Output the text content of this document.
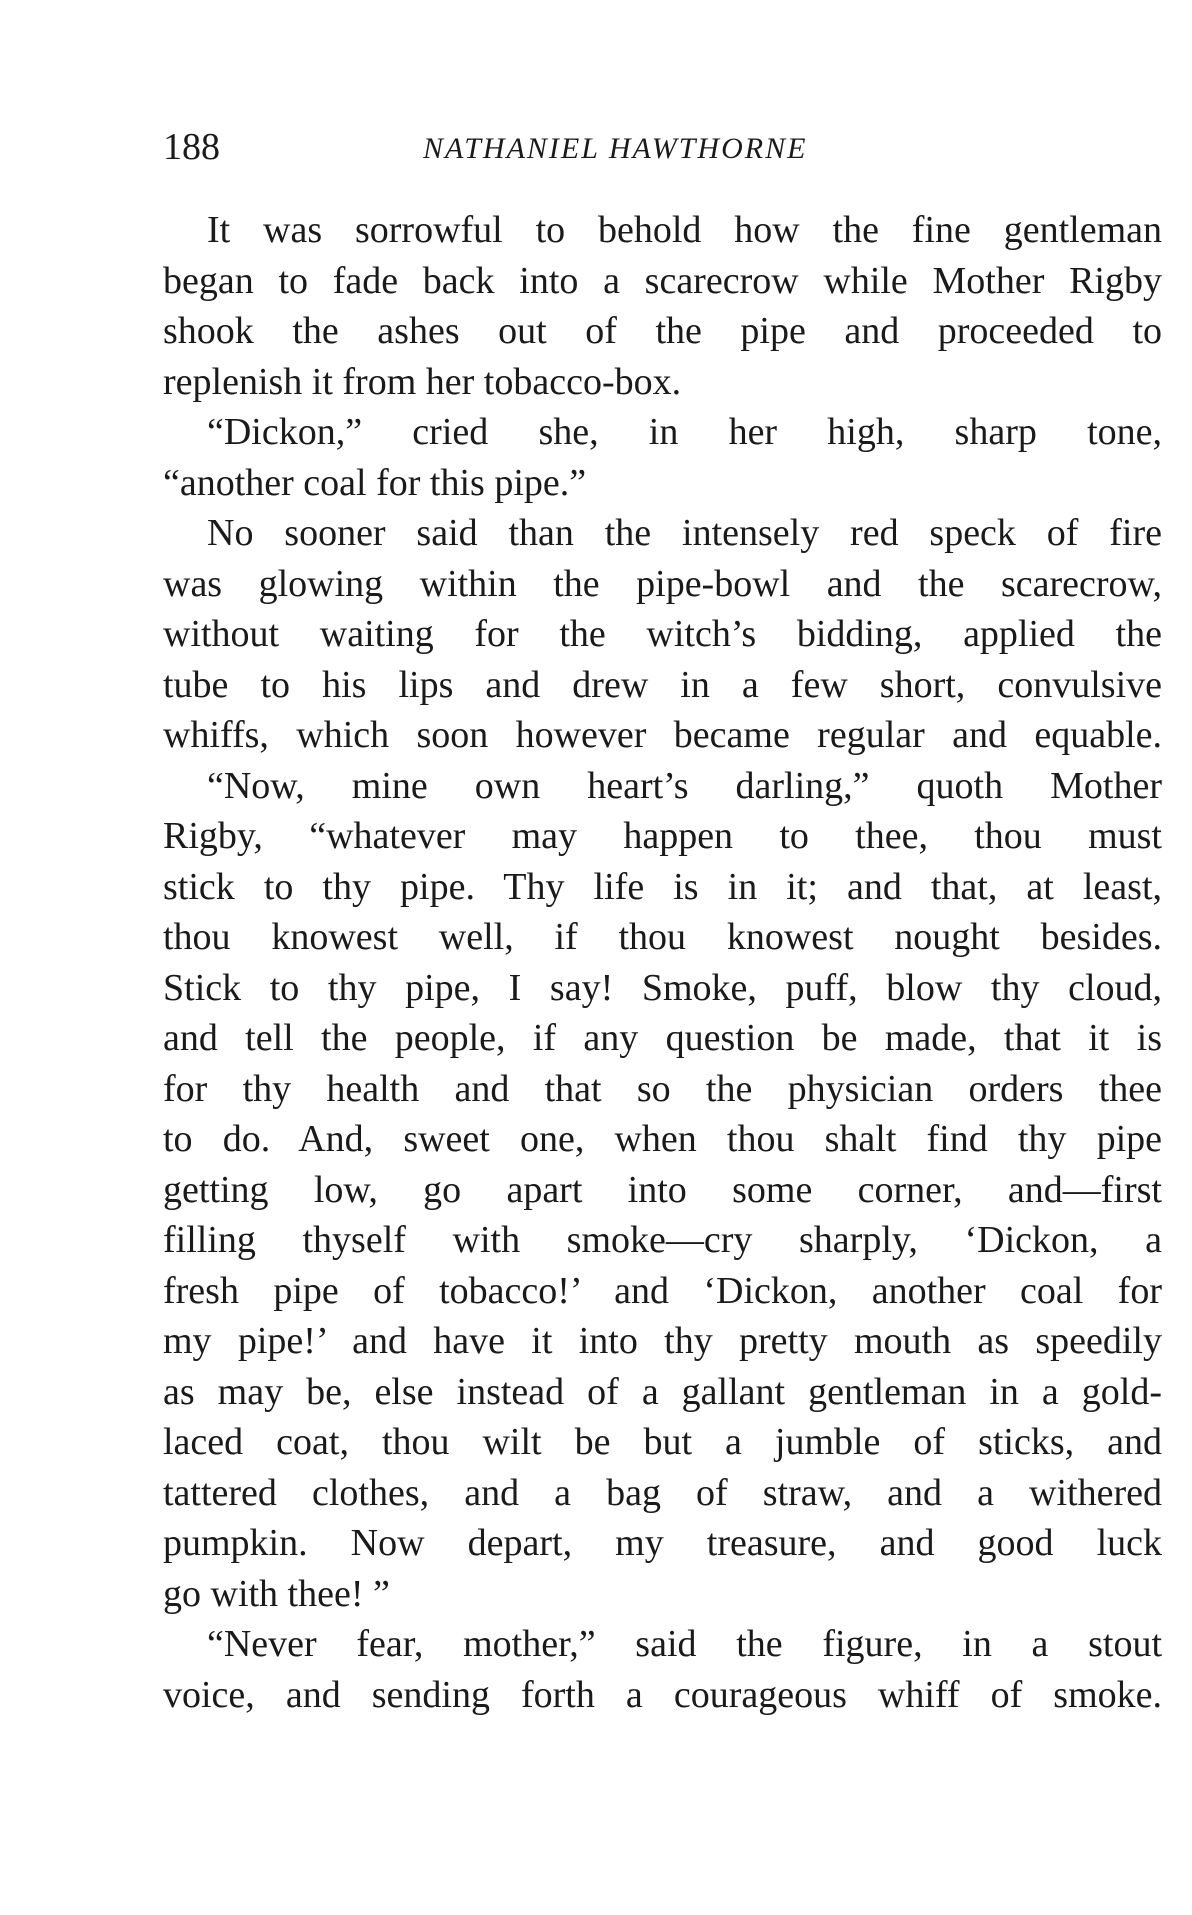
188	NATHANIEL HAWTHORNE
It was sorrowful to behold how the fine gentleman
began to fade back into a scarecrow while Mother Rigby
shook the ashes out of the pipe and proceeded to
replenish it from her tobacco-box.
“Dickon,” cried she, in her high, sharp tone,
“another coal for this pipe.”
No sooner said than the intensely red speck of fire
was glowing within the pipe-bowl and the scarecrow,
without waiting for the witch’s bidding, applied the
tube to his lips and drew in a few short, convulsive
whiffs, which soon however became regular and equable.
“Now, mine own heart’s darling,” quoth Mother
Rigby, “whatever may happen to thee, thou must
stick to thy pipe. Thy life is in it; and that, at least,
thou knowest well, if thou knowest nought besides.
Stick to thy pipe, I say! Smoke, puff, blow thy cloud,
and tell the people, if any question be made, that it is
for thy health and that so the physician orders thee
to do. And, sweet one, when thou shalt find thy pipe
getting low, go apart into some corner, and—first
filling thyself with smoke—cry sharply, ‘Dickon, a
fresh pipe of tobacco!’ and ‘Dickon, another coal for
my pipe!’ and have it into thy pretty mouth as speedily
as may be, else instead of a gallant gentleman in a gold-
laced coat, thou wilt be but a jumble of sticks, and
tattered clothes, and a bag of straw, and a withered
pumpkin. Now depart, my treasure, and good luck
go with thee! ”
“Never fear, mother,” said the figure, in a stout
voice, and sending forth a courageous whiff of smoke.
